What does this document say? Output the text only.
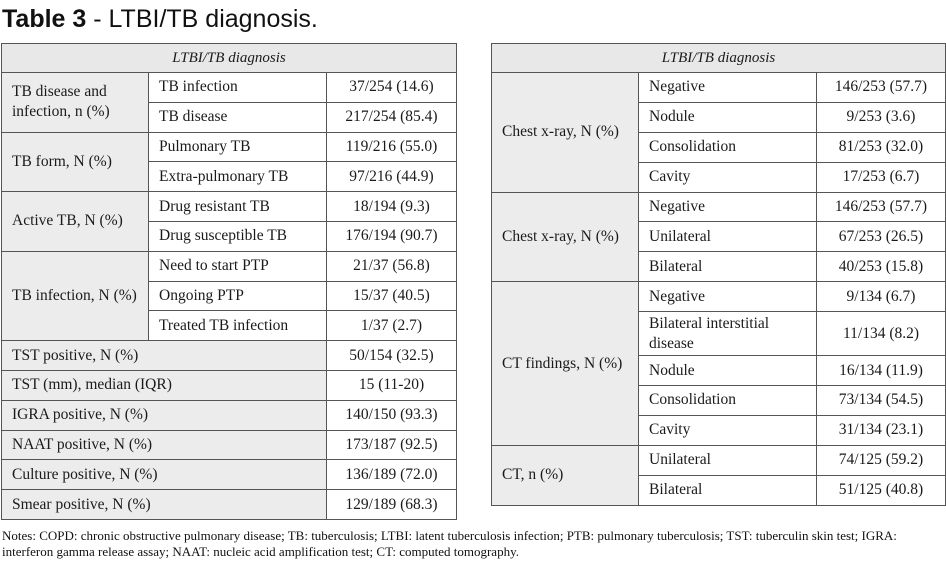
Table 3 - LTBI/TB diagnosis.
LTBI/TB diagnosis		
TB disease and infection, n (%)	TB infection	37/254 (14.6)
	TB disease	217/254 (85.4)
TB form, N (%)	Pulmonary TB	119/216 (55.0)
	Extra-pulmonary TB	97/216 (44.9)
Active TB, N (%)	Drug resistant TB	18/194 (9.3)
	Drug susceptible TB	176/194 (90.7)
TB infection, N (%)	Need to start PTP	21/37 (56.8)
	Ongoing PTP	15/37 (40.5)
	Treated TB infection	1/37 (2.7)
TST positive, N (%)		50/154 (32.5)
TST (mm), median (IQR)		15 (11-20)
IGRA positive, N (%)		140/150 (93.3)
NAAT positive, N (%)		173/187 (92.5)
Culture positive, N (%)		136/189 (72.0)
Smear positive, N (%)		129/189 (68.3)
LTBI/TB diagnosis		
Chest x-ray, N (%)	Negative	146/253 (57.7)
	Nodule	9/253 (3.6)
	Consolidation	81/253 (32.0)
	Cavity	17/253 (6.7)
Chest x-ray, N (%)	Negative	146/253 (57.7)
	Unilateral	67/253 (26.5)
	Bilateral	40/253 (15.8)
CT findings, N (%)	Negative	9/134 (6.7)
	Bilateral interstitial disease	11/134 (8.2)
	Nodule	16/134 (11.9)
	Consolidation	73/134 (54.5)
	Cavity	31/134 (23.1)
CT, n (%)	Unilateral	74/125 (59.2)
	Bilateral	51/125 (40.8)
Notes: COPD: chronic obstructive pulmonary disease; TB: tuberculosis; LTBI: latent tuberculosis infection; PTB: pulmonary tuberculosis; TST: tuberculin skin test; IGRA: interferon gamma release assay; NAAT: nucleic acid amplification test; CT: computed tomography.
